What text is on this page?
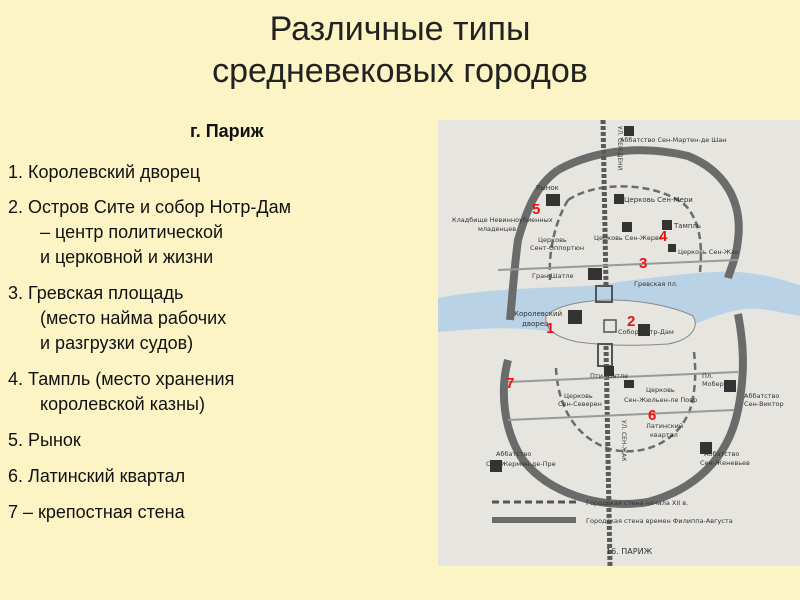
Различные типы
средневековых городов
г. Париж
1. Королевский дворец
2. Остров Сите и собор Нотр-Дам
– центр политической
и церковной и жизни
3. Гревская площадь
(место найма рабочих
и разгрузки судов)
4. Тампль (место хранения
королевской казны)
5. Рынок
6. Латинский квартал
7 – крепостная стена
Аббатство Сен-Мартен-де Шан
Рынок
Церковь Сен-Мери
Кладбище Невинноубиенных
младенцев	Тампль
Церковь
Сент-Оппортюн
Церковь Сен-Жерве
Церковь Сен-Жак
Гран-Шатле
Гревская пл.
Королевский
дворец
Собор Нотр-Дам
Пти-Шатле	Пл.
Мобер
Церковь
Сен-Северен
Церковь
Сен-Жюльен-ле Повр	Аббатство
Сен-Виктор
Латинский
квартал
Аббатство
Сен-Жермен-де-Пре
Аббатство
Сен-Женевьев
УЛ. СЕН-ДЕНИ
УЛ. СЕН-ЖАК
Городская стена начала XII в.
Городская стена времен Филиппа-Августа
16. ПАРИЖ
5
4
3
2
1
7
6
